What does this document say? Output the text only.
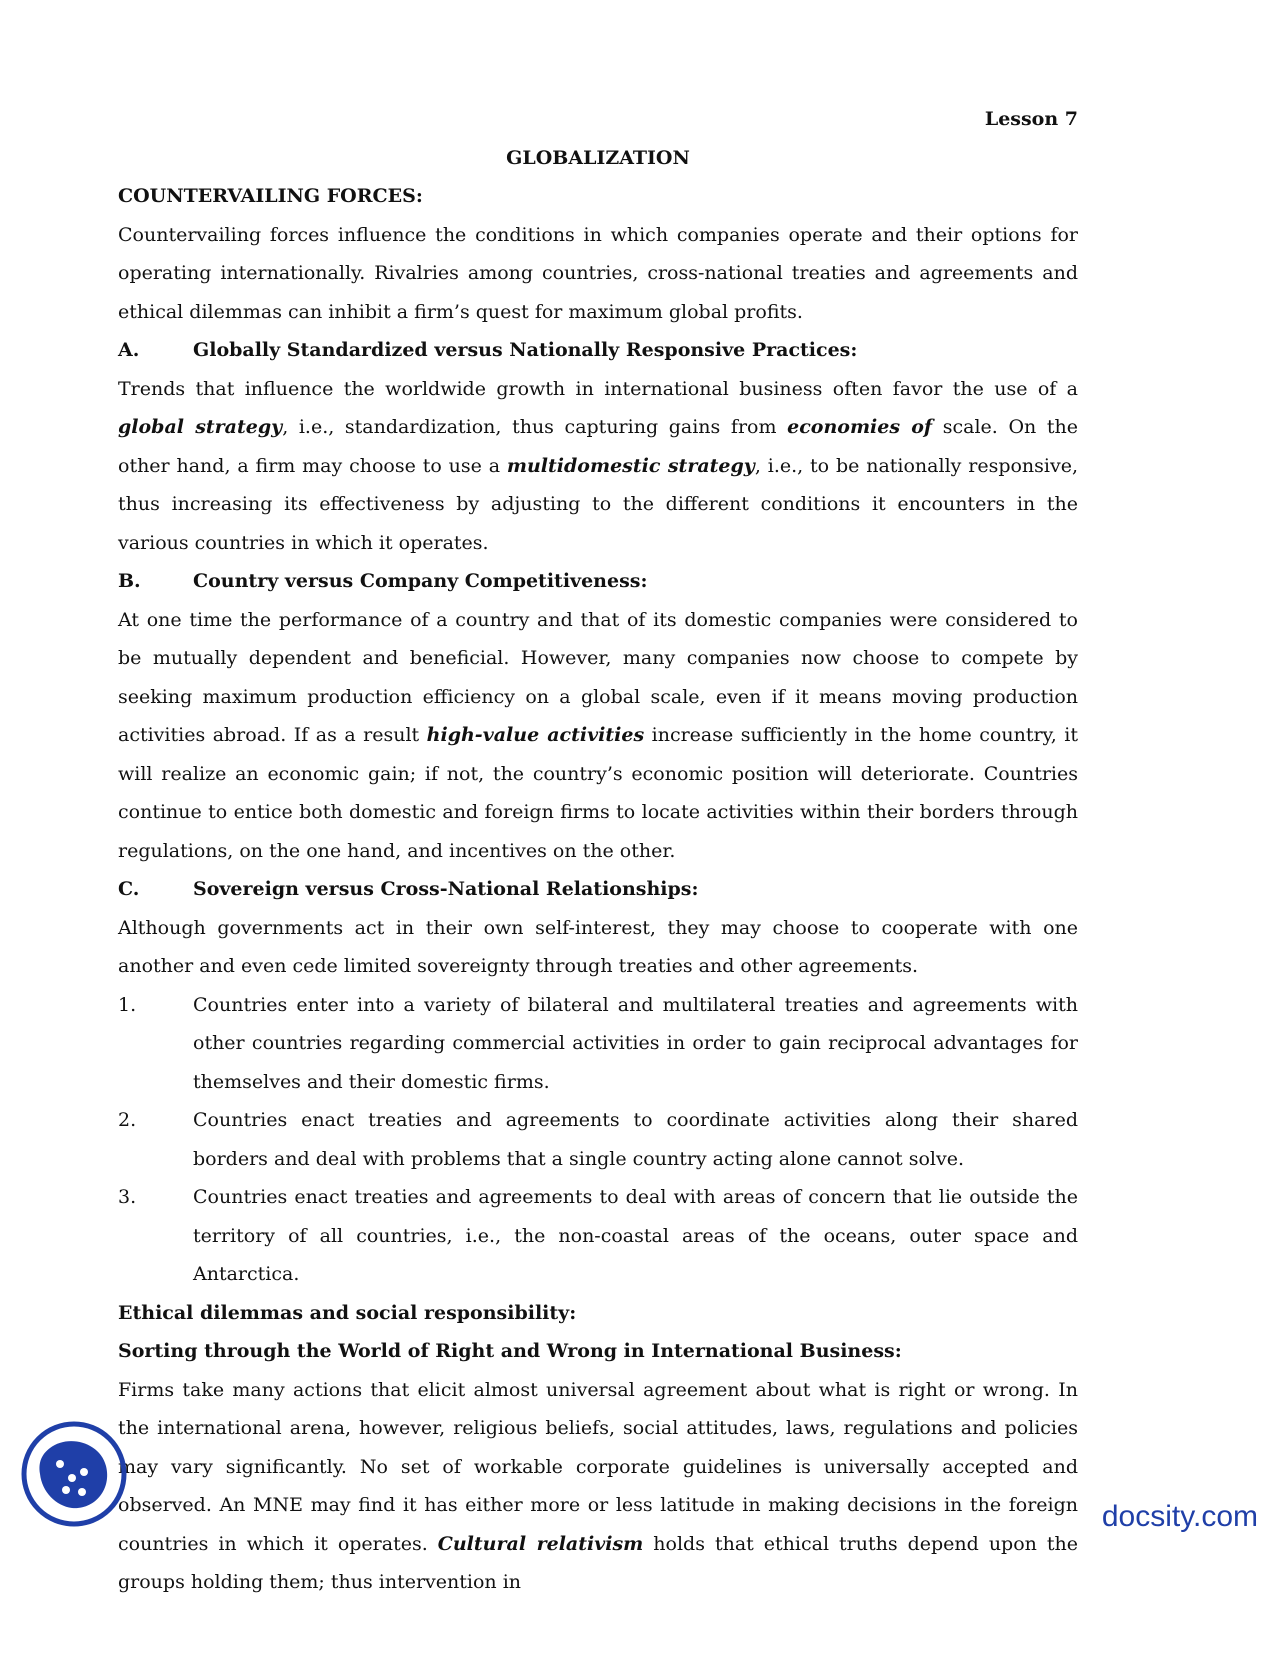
Lesson 7

GLOBALIZATION

COUNTERVAILING FORCES:

Countervailing forces influence the conditions in which companies operate and their options for operating internationally. Rivalries among countries, cross-national treaties and agreements and ethical dilemmas can inhibit a firm’s quest for maximum global profits.

A.	Globally Standardized versus Nationally Responsive Practices:

Trends that influence the worldwide growth in international business often favor the use of a global strategy, i.e., standardization, thus capturing gains from economies of scale. On the other hand, a firm may choose to use a multidomestic strategy, i.e., to be nationally responsive, thus increasing its effectiveness by adjusting to the different conditions it encounters in the various countries in which it operates.

B.	Country versus Company Competitiveness:

At one time the performance of a country and that of its domestic companies were considered to be mutually dependent and beneficial. However, many companies now choose to compete by seeking maximum production efficiency on a global scale, even if it means moving production activities abroad. If as a result high-value activities increase sufficiently in the home country, it will realize an economic gain; if not, the country’s economic position will deteriorate. Countries continue to entice both domestic and foreign firms to locate activities within their borders through regulations, on the one hand, and incentives on the other.

C.	Sovereign versus Cross-National Relationships:

Although governments act in their own self-interest, they may choose to cooperate with one another and even cede limited sovereignty through treaties and other agreements.

1.	Countries enter into a variety of bilateral and multilateral treaties and agreements with other countries regarding commercial activities in order to gain reciprocal advantages for themselves and their domestic firms.
2.	Countries enact treaties and agreements to coordinate activities along their shared borders and deal with problems that a single country acting alone cannot solve.
3.	Countries enact treaties and agreements to deal with areas of concern that lie outside the territory of all countries, i.e., the non-coastal areas of the oceans, outer space and Antarctica.

Ethical dilemmas and social responsibility:

Sorting through the World of Right and Wrong in International Business:

Firms take many actions that elicit almost universal agreement about what is right or wrong. In the international arena, however, religious beliefs, social attitudes, laws, regulations and policies may vary significantly. No set of workable corporate guidelines is universally accepted and observed. An MNE may find it has either more or less latitude in making decisions in the foreign countries in which it operates. Cultural relativism holds that ethical truths depend upon the groups holding them; thus intervention in

docsity.com
